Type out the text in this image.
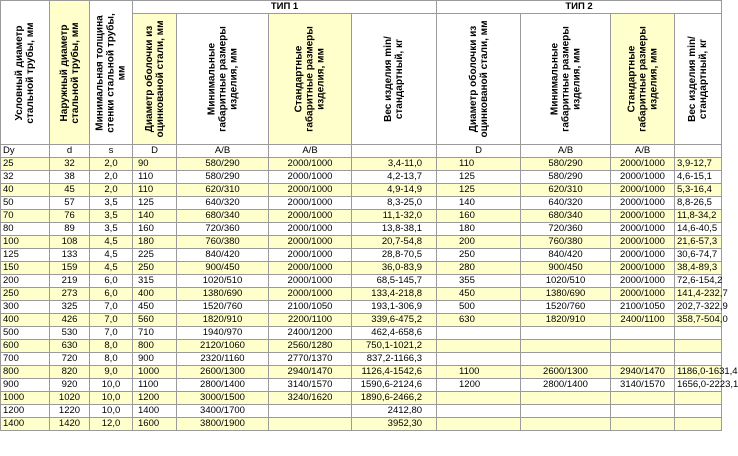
Условный диаметр стальной трубы, мм	Наружный диаметр стальной трубы, мм	Минимальная толщина стенки стальной трубы, мм	ТИП 1				ТИП 2			

			Диаметр оболочки из оцинкованой стали, мм	Минимальные габаритные размеры изделия, мм	Стандартные габаритные размеры изделия, мм	Вес изделия min/стандартный, кг	Диаметр оболочки из оцинкованой стали, мм	Минимальные габаритные размеры изделия, мм	Стандартные габаритные размеры изделия, мм	Вес изделия min/стандартный, кг

Dy	d	s	D	A/B	A/B		D	A/B	A/B	
25	32	2,0	90	580/290	2000/1000	3,4-11,0	110	580/290	2000/1000	3,9-12,7
32	38	2,0	110	580/290	2000/1000	4,2-13,7	125	580/290	2000/1000	4,6-15,1
40	45	2,0	110	620/310	2000/1000	4,9-14,9	125	620/310	2000/1000	5,3-16,4
50	57	3,5	125	640/320	2000/1000	8,3-25,0	140	640/320	2000/1000	8,8-26,5
70	76	3,5	140	680/340	2000/1000	11,1-32,0	160	680/340	2000/1000	11,8-34,2
80	89	3,5	160	720/360	2000/1000	13,8-38,1	180	720/360	2000/1000	14,6-40,5
100	108	4,5	180	760/380	2000/1000	20,7-54,8	200	760/380	2000/1000	21,6-57,3
125	133	4,5	225	840/420	2000/1000	28,8-70,5	250	840/420	2000/1000	30,6-74,7
150	159	4,5	250	900/450	2000/1000	36,0-83,9	280	900/450	2000/1000	38,4-89,3
200	219	6,0	315	1020/510	2000/1000	68,5-145,7	355	1020/510	2000/1000	72,6-154,2
250	273	6,0	400	1380/690	2000/1000	133,4-218,8	450	1380/690	2000/1000	141,4-232,7
300	325	7,0	450	1520/760	2100/1050	193,1-306,9	500	1520/760	2100/1050	202,7-322,9
400	426	7,0	560	1820/910	2200/1100	339,6-475,2	630	1820/910	2400/1100	358,7-504,0
500	530	7,0	710	1940/970	2400/1200	462,4-658,6				
600	630	8,0	800	2120/1060	2560/1280	750,1-1021,2				
700	720	8,0	900	2320/1160	2770/1370	837,2-1166,3				
800	820	9,0	1000	2600/1300	2940/1470	1126,4-1542,6	1100	2600/1300	2940/1470	1186,0-1631,4
900	920	10,0	1100	2800/1400	3140/1570	1590,6-2124,6	1200	2800/1400	3140/1570	1656,0-2223,1
1000	1020	10,0	1200	3000/1500	3240/1620	1890,6-2466,2				
1200	1220	10,0	1400	3400/1700		2412,80				
1400	1420	12,0	1600	3800/1900		3952,30				
